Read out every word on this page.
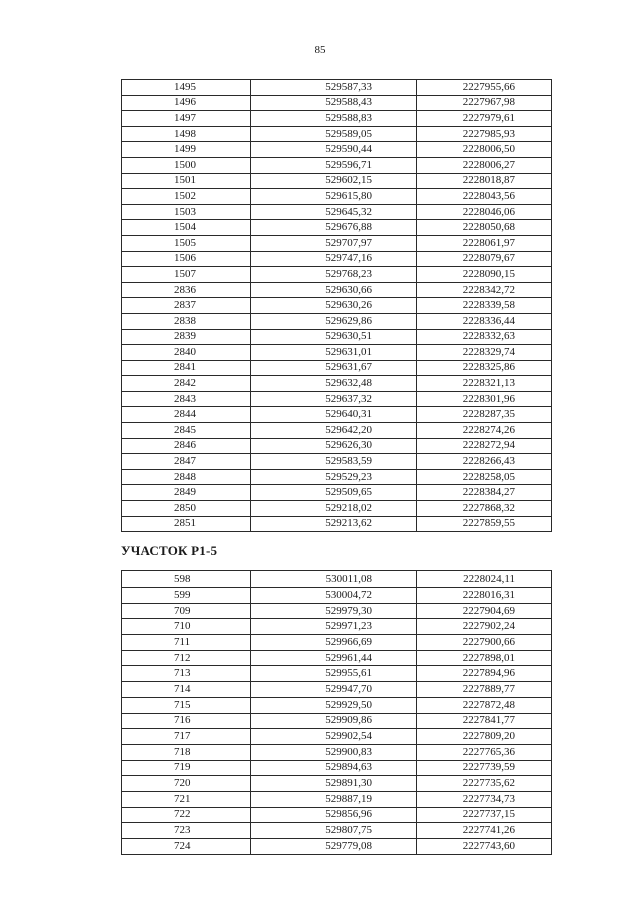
85
1495	529587,33	2227955,66
1496	529588,43	2227967,98
1497	529588,83	2227979,61
1498	529589,05	2227985,93
1499	529590,44	2228006,50
1500	529596,71	2228006,27
1501	529602,15	2228018,87
1502	529615,80	2228043,56
1503	529645,32	2228046,06
1504	529676,88	2228050,68
1505	529707,97	2228061,97
1506	529747,16	2228079,67
1507	529768,23	2228090,15
2836	529630,66	2228342,72
2837	529630,26	2228339,58
2838	529629,86	2228336,44
2839	529630,51	2228332,63
2840	529631,01	2228329,74
2841	529631,67	2228325,86
2842	529632,48	2228321,13
2843	529637,32	2228301,96
2844	529640,31	2228287,35
2845	529642,20	2228274,26
2846	529626,30	2228272,94
2847	529583,59	2228266,43
2848	529529,23	2228258,05
2849	529509,65	2228384,27
2850	529218,02	2227868,32
2851	529213,62	2227859,55
УЧАСТОК Р1-5
598	530011,08	2228024,11
599	530004,72	2228016,31
709	529979,30	2227904,69
710	529971,23	2227902,24
711	529966,69	2227900,66
712	529961,44	2227898,01
713	529955,61	2227894,96
714	529947,70	2227889,77
715	529929,50	2227872,48
716	529909,86	2227841,77
717	529902,54	2227809,20
718	529900,83	2227765,36
719	529894,63	2227739,59
720	529891,30	2227735,62
721	529887,19	2227734,73
722	529856,96	2227737,15
723	529807,75	2227741,26
724	529779,08	2227743,60
